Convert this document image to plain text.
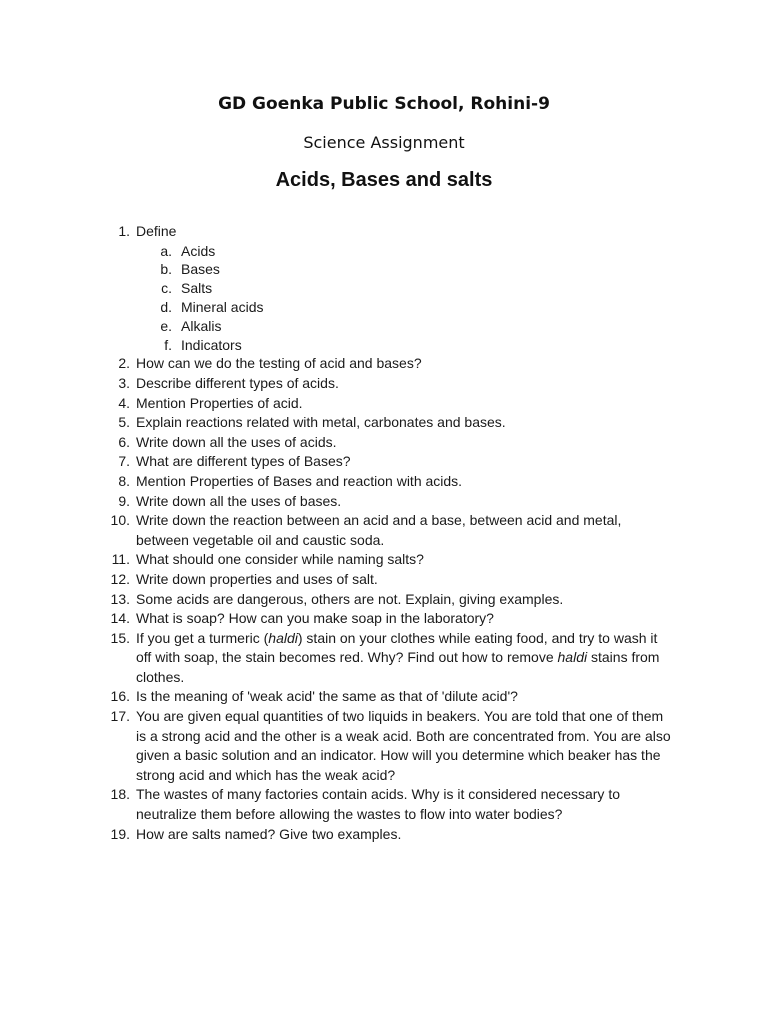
GD Goenka Public School, Rohini-9
Science Assignment
Acids, Bases and salts
1. Define
a. Acids
b. Bases
c. Salts
d. Mineral acids
e. Alkalis
f. Indicators
2. How can we do the testing of acid and bases?
3. Describe different types of acids.
4. Mention Properties of acid.
5. Explain reactions related with metal, carbonates and bases.
6. Write down all the uses of acids.
7. What are different types of Bases?
8. Mention Properties of Bases and reaction with acids.
9. Write down all the uses of bases.
10. Write down the reaction between an acid and a base, between acid and metal, between vegetable oil and caustic soda.
11. What should one consider while naming salts?
12. Write down properties and uses of salt.
13. Some acids are dangerous, others are not. Explain, giving examples.
14. What is soap? How can you make soap in the laboratory?
15. If you get a turmeric (haldi) stain on your clothes while eating food, and try to wash it off with soap, the stain becomes red. Why? Find out how to remove haldi stains from clothes.
16. Is the meaning of 'weak acid' the same as that of 'dilute acid'?
17. You are given equal quantities of two liquids in beakers. You are told that one of them is a strong acid and the other is a weak acid. Both are concentrated from. You are also given a basic solution and an indicator. How will you determine which beaker has the strong acid and which has the weak acid?
18. The wastes of many factories contain acids. Why is it considered necessary to neutralize them before allowing the wastes to flow into water bodies?
19. How are salts named? Give two examples.
